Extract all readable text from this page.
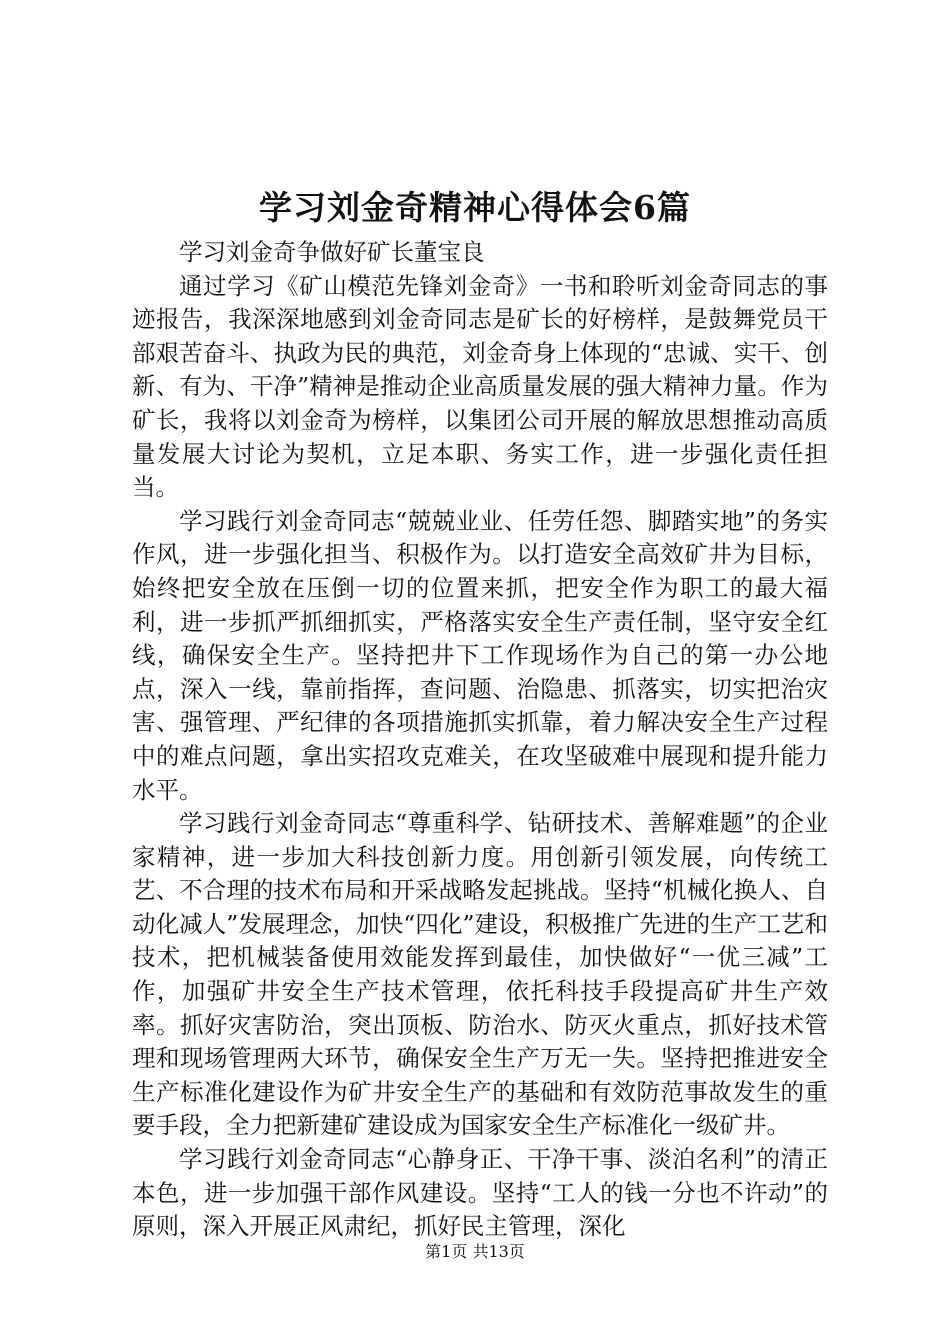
学习刘金奇精神心得体会6篇

学习刘金奇争做好矿长董宝良

通过学习《矿山模范先锋刘金奇》一书和聆听刘金奇同志的事迹报告，我深深地感到刘金奇同志是矿长的好榜样，是鼓舞党员干部艰苦奋斗、执政为民的典范，刘金奇身上体现的“忠诚、实干、创新、有为、干净”精神是推动企业高质量发展的强大精神力量。作为矿长，我将以刘金奇为榜样，以集团公司开展的解放思想推动高质量发展大讨论为契机，立足本职、务实工作，进一步强化责任担当。

学习践行刘金奇同志“兢兢业业、任劳任怨、脚踏实地”的务实作风，进一步强化担当、积极作为。以打造安全高效矿井为目标，始终把安全放在压倒一切的位置来抓，把安全作为职工的最大福利，进一步抓严抓细抓实，严格落实安全生产责任制，坚守安全红线，确保安全生产。坚持把井下工作现场作为自己的第一办公地点，深入一线，靠前指挥，查问题、治隐患、抓落实，切实把治灾害、强管理、严纪律的各项措施抓实抓靠，着力解决安全生产过程中的难点问题，拿出实招攻克难关，在攻坚破难中展现和提升能力水平。

学习践行刘金奇同志“尊重科学、钻研技术、善解难题”的企业家精神，进一步加大科技创新力度。用创新引领发展，向传统工艺、不合理的技术布局和开采战略发起挑战。坚持“机械化换人、自动化减人”发展理念，加快“四化”建设，积极推广先进的生产工艺和技术，把机械装备使用效能发挥到最佳，加快做好“一优三减”工作，加强矿井安全生产技术管理，依托科技手段提高矿井生产效率。抓好灾害防治，突出顶板、防治水、防灭火重点，抓好技术管理和现场管理两大环节，确保安全生产万无一失。坚持把推进安全生产标准化建设作为矿井安全生产的基础和有效防范事故发生的重要手段，全力把新建矿建设成为国家安全生产标准化一级矿井。

学习践行刘金奇同志“心静身正、干净干事、淡泊名利”的清正本色，进一步加强干部作风建设。坚持“工人的钱一分也不许动”的原则，深入开展正风肃纪，抓好民主管理，深化

第1页 共13页
